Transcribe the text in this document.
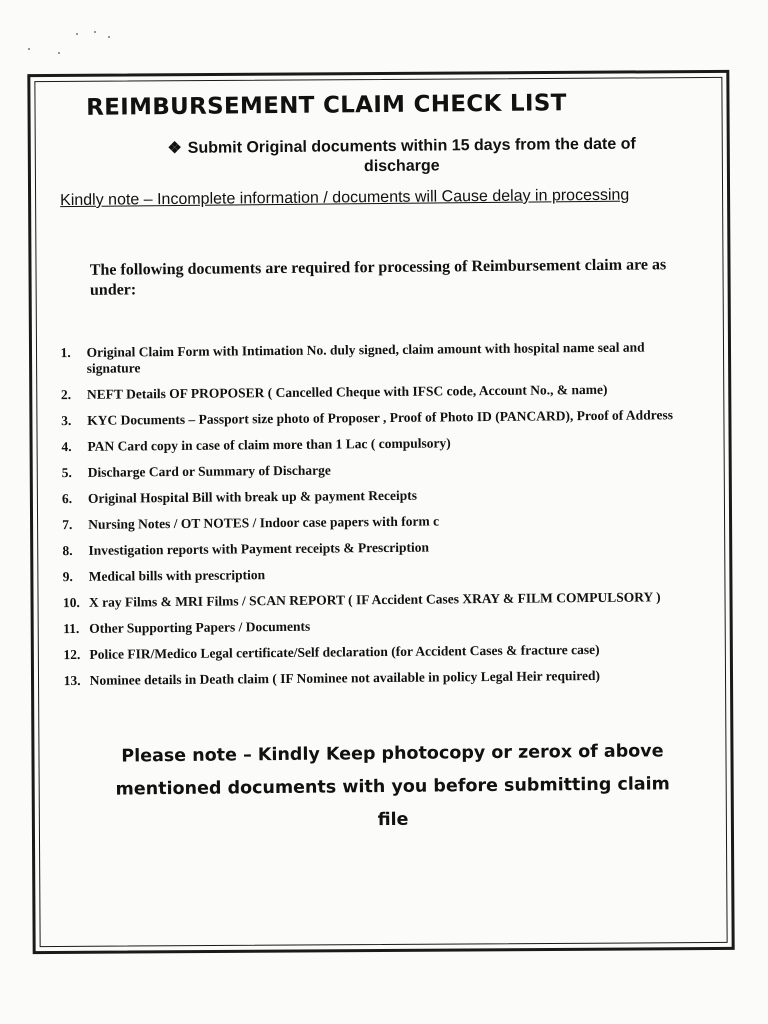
REIMBURSEMENT CLAIM CHECK LIST
❖ Submit Original documents within 15 days from the date of discharge
Kindly note – Incomplete information / documents will Cause delay in processing
The following documents are required for processing of Reimbursement claim are as under:
1.	Original Claim Form with Intimation No. duly signed, claim amount with hospital name seal and signature
2.	NEFT Details OF PROPOSER ( Cancelled Cheque with IFSC code, Account No., & name)
3.	KYC Documents – Passport size photo of Proposer , Proof of Photo ID (PANCARD), Proof of Address
4.	PAN Card copy in case of claim more than 1 Lac ( compulsory)
5.	Discharge Card or Summary of Discharge
6.	Original Hospital Bill with break up & payment Receipts
7.	Nursing Notes / OT NOTES / Indoor case papers with form c
8.	Investigation reports with Payment receipts & Prescription
9.	Medical bills with prescription
10. X ray Films & MRI Films / SCAN REPORT ( IF Accident Cases XRAY & FILM COMPULSORY )
11. Other Supporting Papers / Documents
12. Police FIR/Medico Legal certificate/Self declaration (for Accident Cases & fracture case)
13. Nominee details in Death claim ( IF Nominee not available in policy Legal Heir required)
Please note – Kindly Keep photocopy or zerox of above mentioned documents with you before submitting claim file
